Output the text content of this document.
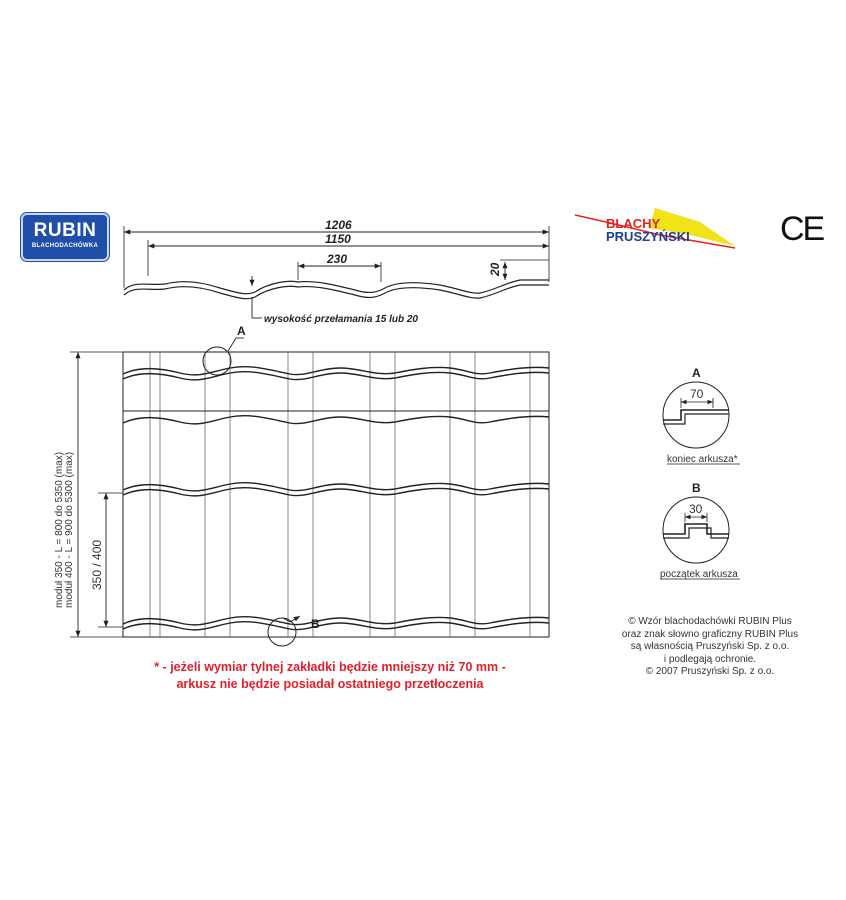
RUBIN
BLACHODACHÓWKA	CE
BLACHY
PRUSZYŃSKI
1206
1150
230
20
wysokość przełamania 15 lub 20
A
B
350 / 400
moduł 350 - L = 800 do 5350 (max) moduł 400 - L = 900 do 5300 (max)
A
70
koniec arkusza*
B
30
początek arkusza
* - jeżeli wymiar tylnej zakładki będzie mniejszy niż 70 mm -
arkusz nie będzie posiadał ostatniego przetłoczenia
© Wzór blachodachówki RUBIN Plus
oraz znak słowno graficzny RUBIN Plus
są własnością Pruszyński Sp. z o.o.
i podlegają ochronie.
© 2007 Pruszyński Sp. z o.o.
